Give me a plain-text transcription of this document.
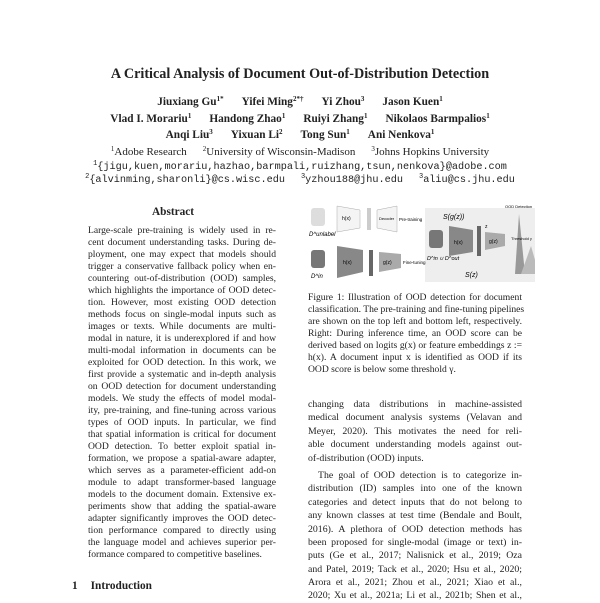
A Critical Analysis of Document Out-of-Distribution Detection
Jiuxiang $Gu^{1*}$ Yifei Ming$^{2*\dagger}$ Yi Zhou$^3$ Jason Kuen$^1$
Vlad I. Morariu$^1$ Handong Zhao$^1$ Ruiyi Zhang$^1$ Nikolaos Barmpalios$^1$
Anqi Liu$^3$ Yixuan Li$^2$ Tong Sun$^1$ Ani Nenkova$^1$
$^1$Adobe Research $^2$University of Wisconsin-Madison $^3$Johns Hopkins University
$^1${jigu,kuen,morariu,hazhao,barmpali,ruizhang,tsun,nenkova}@adobe.com
$^2${alvinming,sharonli}@cs.wisc.edu $^3$yzhou188@jhu.edu $^3$aliu@cs.jhu.edu
Abstract
Large-scale pre-training is widely used in re-
cent document understanding tasks. During de-
ployment, one may expect that models should
trigger a conservative fallback policy when en-
countering out-of-distribution (OOD) samples,
which highlights the importance of OOD detec-
tion. However, most existing OOD detection
methods focus on single-modal inputs such as
images or texts. While documents are multi-
modal in nature, it is underexplored if and how
multi-modal information in documents can be
exploited for OOD detection. In this work, we
first provide a systematic and in-depth analysis
on OOD detection for document understanding
models. We study the effects of model modal-
ity, pre-training, and fine-tuning across various
types of OOD inputs. In particular, we find
that spatial information is critical for document
OOD detection. To better exploit spatial in-
formation, we propose a spatial-aware adapter,
which serves as a parameter-efficient add-on
module to adapt transformer-based language
models to the document domain. Extensive ex-
periments show that adding the spatial-aware
adapter significantly improves the OOD detec-
tion performance compared to directly using
the language model and achieves superior per-
formance compared to competitive baselines.
1 Introduction
D^unlabel
h(x)	Decoder Pre-training
D^in
h(x)	g(z)	Fine-tuning
D^in ∪ D^out
h(x)
z
g(z)
S(g(z))
S(z)
OOD Detection
Threshold γ
Figure 1: Illustration of OOD detection for document
classification. The pre-training and fine-tuning pipelines
are shown on the top left and bottom left, respectively.
Right: During inference time, an OOD score can be
derived based on logits g(x) or feature embeddings z :=
h(x). A document input x is identified as OOD if its
OOD score is below some threshold γ.
changing data distributions in machine-assisted
medical document analysis systems (Velavan and
Meyer, 2020). This motivates the need for reli-
able document understanding models against out-
of-distribution (OOD) inputs.
The goal of OOD detection is to categorize in-
distribution (ID) samples into one of the known
categories and detect inputs that do not belong to
any known classes at test time (Bendale and Boult,
2016). A plethora of OOD detection methods has
been proposed for single-modal (image or text) in-
puts (Ge et al., 2017; Nalisnick et al., 2019; Oza
and Patel, 2019; Tack et al., 2020; Hsu et al., 2020;
Arora et al., 2021; Zhou et al., 2021; Xiao et al.,
2020; Xu et al., 2021a; Li et al., 2021b; Shen et al.,
